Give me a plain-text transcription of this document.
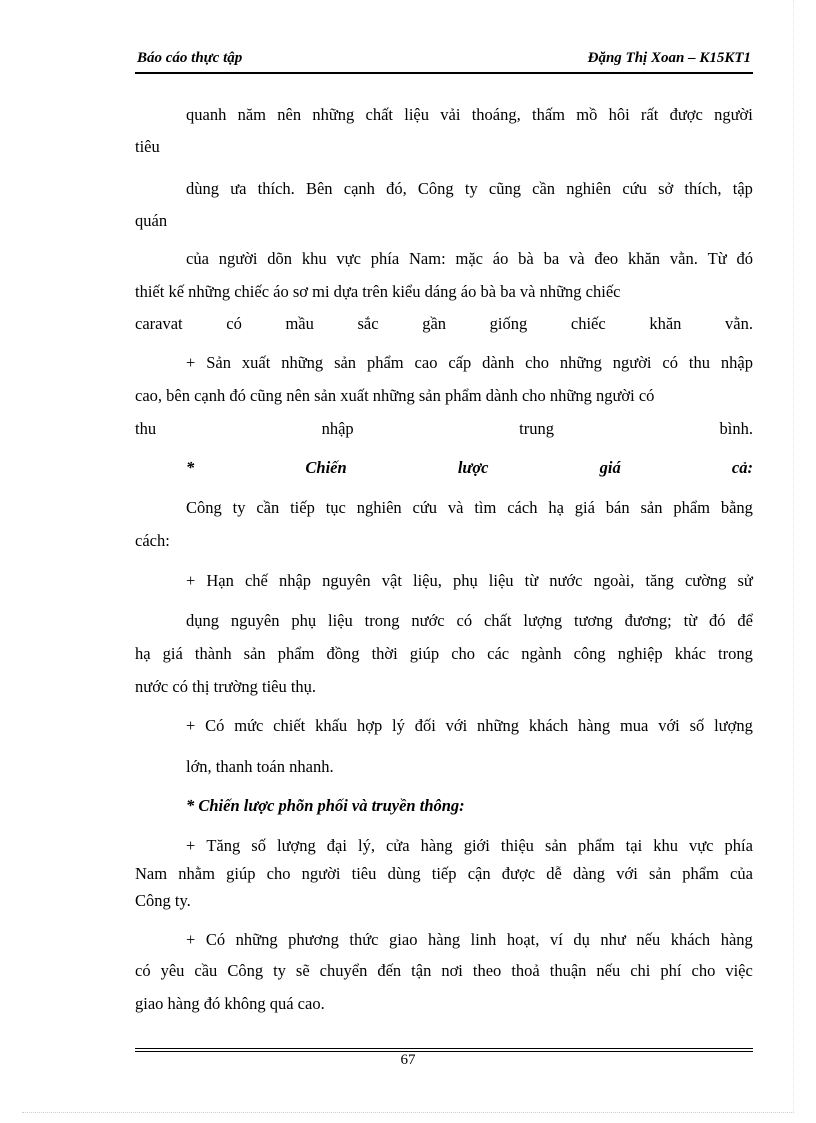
Báo cáo thực tập	Đặng Thị Xoan – K15KT1
quanh năm nên những chất liệu vải thoáng, thấm mồ hôi rất được người
tiêu
dùng ưa thích. Bên cạnh đó, Công ty cũng cần nghiên cứu sở thích, tập
quán
của người dõn khu vực phía Nam: mặc áo bà ba và đeo khăn vằn. Từ đó
thiết kế những chiếc áo sơ mi dựa trên kiểu dáng áo bà ba và những chiếc
caravat	có	mầu	sắc	gần	giống	chiếc	khăn	vằn.
+ Sản xuất những sản phẩm cao cấp dành cho những người có thu nhập
cao, bên cạnh đó cũng nên sản xuất những sản phẩm dành cho những người có
thu	nhập	trung	bình.
*	Chiến	lược	giá	cả:
Công ty cần tiếp tục nghiên cứu và tìm cách hạ giá bán sản phẩm bằng
cách:
+ Hạn chế nhập nguyên vật liệu, phụ liệu từ nước ngoài, tăng cường sử
dụng nguyên phụ liệu trong nước có chất lượng tương đương; từ đó để
hạ giá thành sản phẩm đồng thời giúp cho các ngành công nghiệp khác trong
nước có thị trường tiêu thụ.
+ Có mức chiết khấu hợp lý đối với những khách hàng mua với số lượng
lớn, thanh toán nhanh.
* Chiến lược phõn phối và truyền thông:
+ Tăng số lượng đại lý, cửa hàng giới thiệu sản phẩm tại khu vực phía
Nam nhằm giúp cho người tiêu dùng tiếp cận được dễ dàng với sản phẩm của
Công ty.
+ Có những phương thức giao hàng linh hoạt, ví dụ như nếu khách hàng
có yêu cầu Công ty sẽ chuyển đến tận nơi theo thoả thuận nếu chi phí cho việc
giao hàng đó không quá cao.
67
